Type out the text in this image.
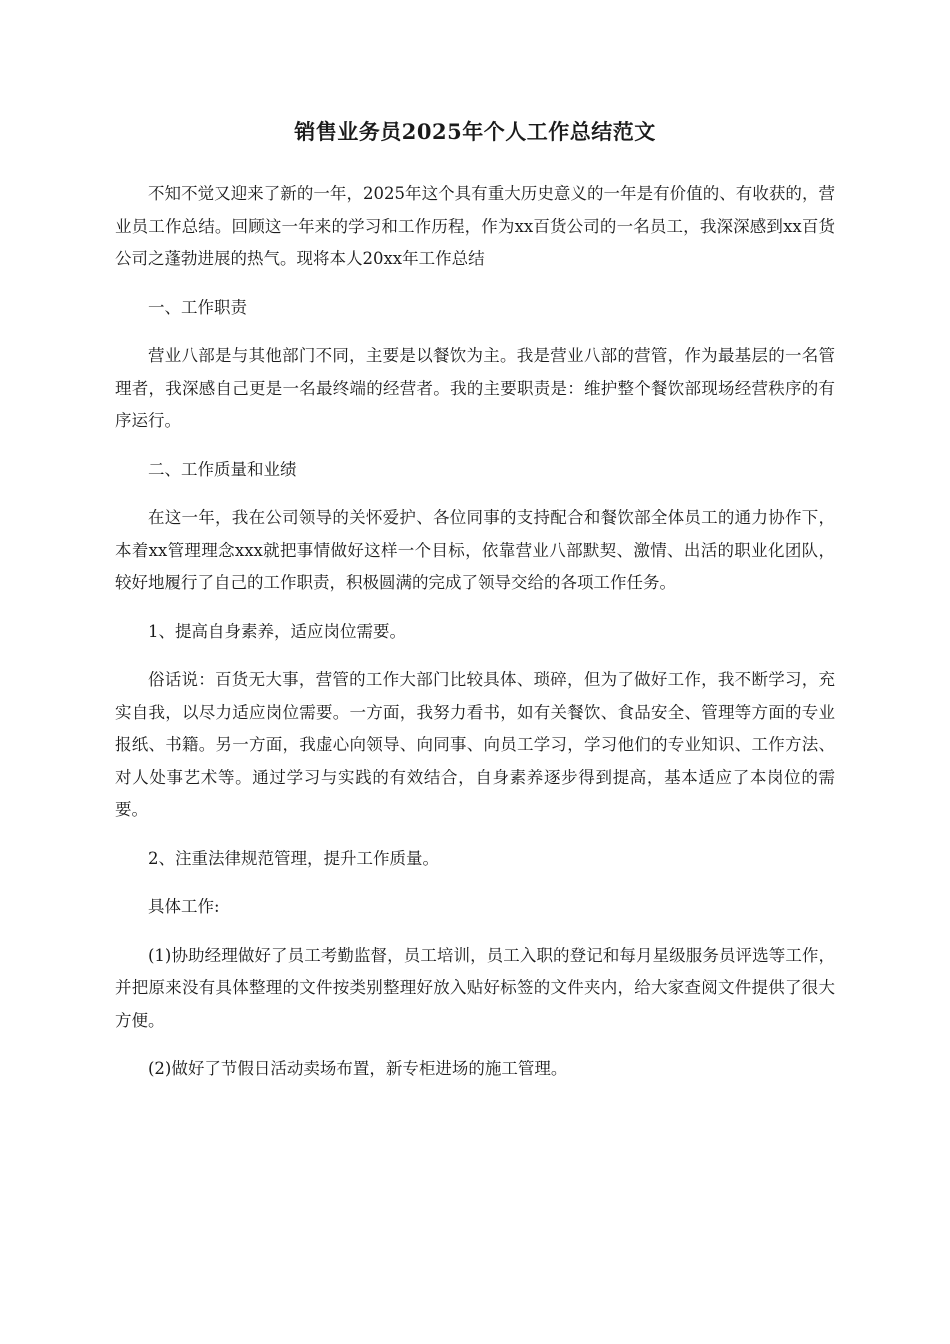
销售业务员2025年个人工作总结范文

不知不觉又迎来了新的一年，2025年这个具有重大历史意义的一年是有价值的、有收获的，营业员工作总结。回顾这一年来的学习和工作历程，作为xx百货公司的一名员工，我深深感到xx百货公司之蓬勃进展的热气。现将本人20xx年工作总结

一、工作职责

营业八部是与其他部门不同，主要是以餐饮为主。我是营业八部的营管，作为最基层的一名管理者，我深感自己更是一名最终端的经营者。我的主要职责是：维护整个餐饮部现场经营秩序的有序运行。

二、工作质量和业绩

在这一年，我在公司领导的关怀爱护、各位同事的支持配合和餐饮部全体员工的通力协作下，本着xx管理理念xxx就把事情做好这样一个目标，依靠营业八部默契、激情、出活的职业化团队，较好地履行了自己的工作职责，积极圆满的完成了领导交给的各项工作任务。

1、提高自身素养，适应岗位需要。

俗话说：百货无大事，营管的工作大部门比较具体、琐碎，但为了做好工作，我不断学习，充实自我，以尽力适应岗位需要。一方面，我努力看书，如有关餐饮、食品安全、管理等方面的专业报纸、书籍。另一方面，我虚心向领导、向同事、向员工学习，学习他们的专业知识、工作方法、对人处事艺术等。通过学习与实践的有效结合，自身素养逐步得到提高，基本适应了本岗位的需要。

2、注重法律规范管理，提升工作质量。

具体工作:

(1)协助经理做好了员工考勤监督，员工培训，员工入职的登记和每月星级服务员评选等工作，并把原来没有具体整理的文件按类别整理好放入贴好标签的文件夹内，给大家查阅文件提供了很大方便。

(2)做好了节假日活动卖场布置，新专柜进场的施工管理。
